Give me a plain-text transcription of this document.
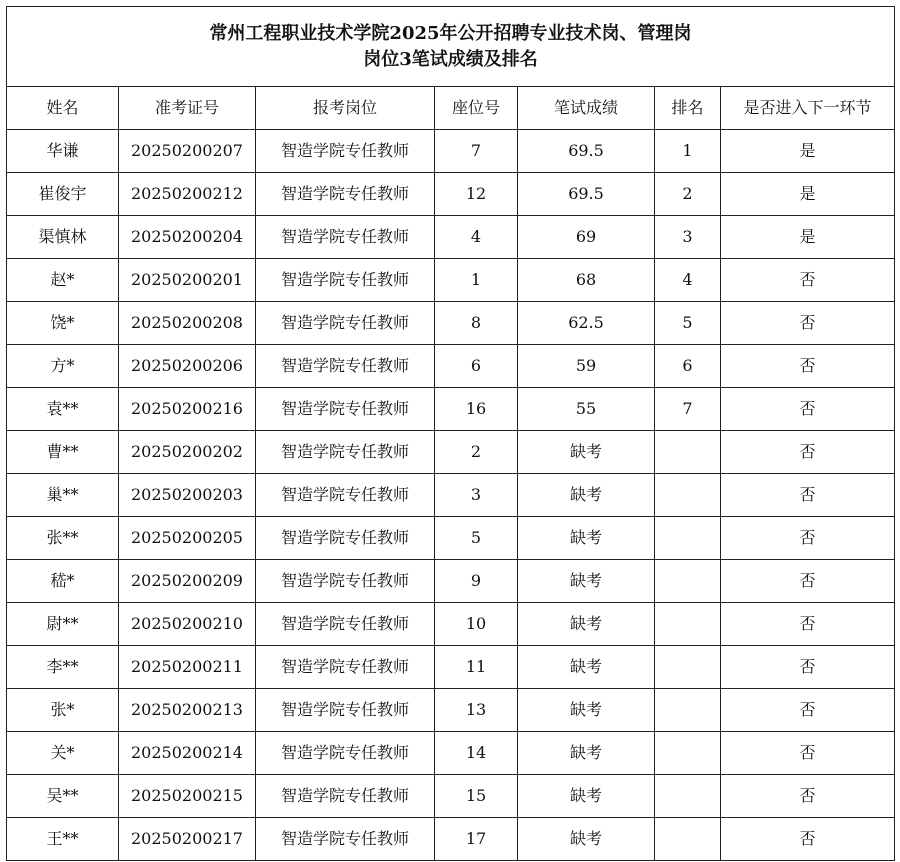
常州工程职业技术学院2025年公开招聘专业技术岗、管理岗
岗位3笔试成绩及排名						

姓名	准考证号	报考岗位	座位号	笔试成绩	排名	是否进入下一环节
华谦	20250200207	智造学院专任教师	7	69.5	1	是
崔俊宇	20250200212	智造学院专任教师	12	69.5	2	是
渠慎林	20250200204	智造学院专任教师	4	69	3	是
赵*	20250200201	智造学院专任教师	1	68	4	否
饶*	20250200208	智造学院专任教师	8	62.5	5	否
方*	20250200206	智造学院专任教师	6	59	6	否
袁**	20250200216	智造学院专任教师	16	55	7	否
曹**	20250200202	智造学院专任教师	2	缺考		否
巢**	20250200203	智造学院专任教师	3	缺考		否
张**	20250200205	智造学院专任教师	5	缺考		否
嵇*	20250200209	智造学院专任教师	9	缺考		否
尉**	20250200210	智造学院专任教师	10	缺考		否
李**	20250200211	智造学院专任教师	11	缺考		否
张*	20250200213	智造学院专任教师	13	缺考		否
关*	20250200214	智造学院专任教师	14	缺考		否
吴**	20250200215	智造学院专任教师	15	缺考		否
王**	20250200217	智造学院专任教师	17	缺考		否
